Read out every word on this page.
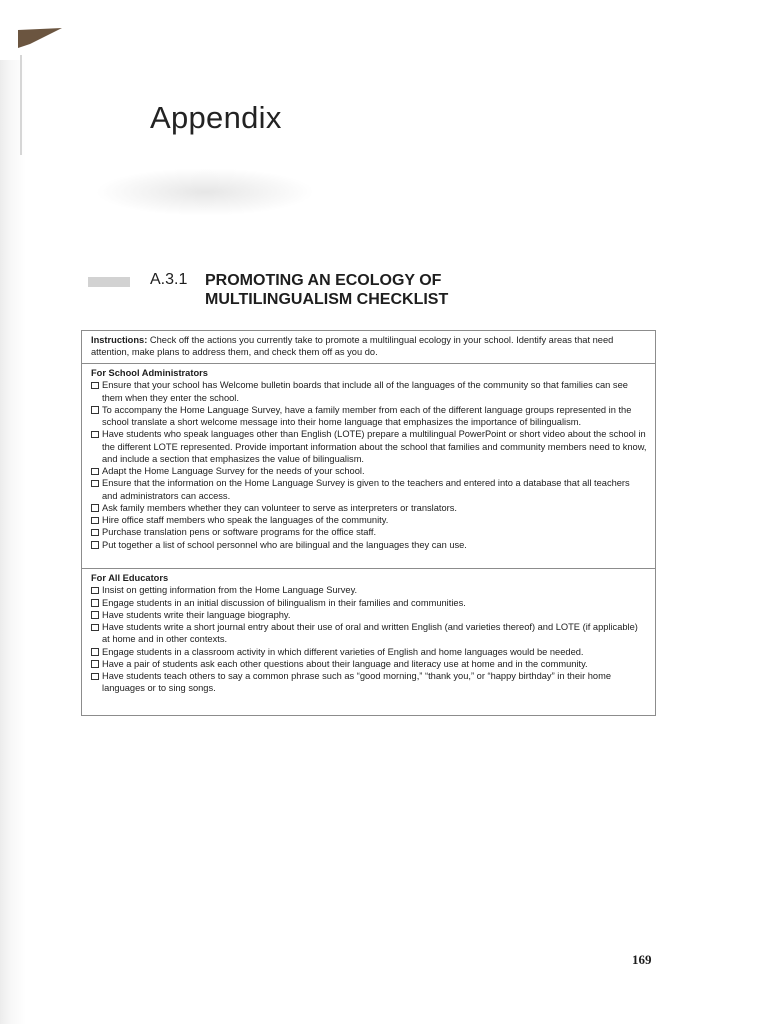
Appendix
A.3.1 PROMOTING AN ECOLOGY OF
MULTILINGUALISM CHECKLIST
Instructions: Check off the actions you currently take to promote a multilingual ecology in your school. Identify areas that need attention, make plans to address them, and check them off as you do.
For School Administrators
Ensure that your school has Welcome bulletin boards that include all of the languages of the community so that families can see them when they enter the school.
To accompany the Home Language Survey, have a family member from each of the different language groups represented in the school translate a short welcome message into their home language that emphasizes the importance of bilingualism.
Have students who speak languages other than English (LOTE) prepare a multilingual PowerPoint or short video about the school in the different LOTE represented. Provide important information about the school that families and community members need to know, and include a section that emphasizes the value of bilingualism.
Adapt the Home Language Survey for the needs of your school.
Ensure that the information on the Home Language Survey is given to the teachers and entered into a database that all teachers and administrators can access.
Ask family members whether they can volunteer to serve as interpreters or translators.
Hire office staff members who speak the languages of the community.
Purchase translation pens or software programs for the office staff.
Put together a list of school personnel who are bilingual and the languages they can use.
For All Educators
Insist on getting information from the Home Language Survey.
Engage students in an initial discussion of bilingualism in their families and communities.
Have students write their language biography.
Have students write a short journal entry about their use of oral and written English (and varieties thereof) and LOTE (if applicable) at home and in other contexts.
Engage students in a classroom activity in which different varieties of English and home languages would be needed.
Have a pair of students ask each other questions about their language and literacy use at home and in the community.
Have students teach others to say a common phrase such as “good morning,” “thank you,” or “happy birthday” in their home languages or to sing songs.
169
